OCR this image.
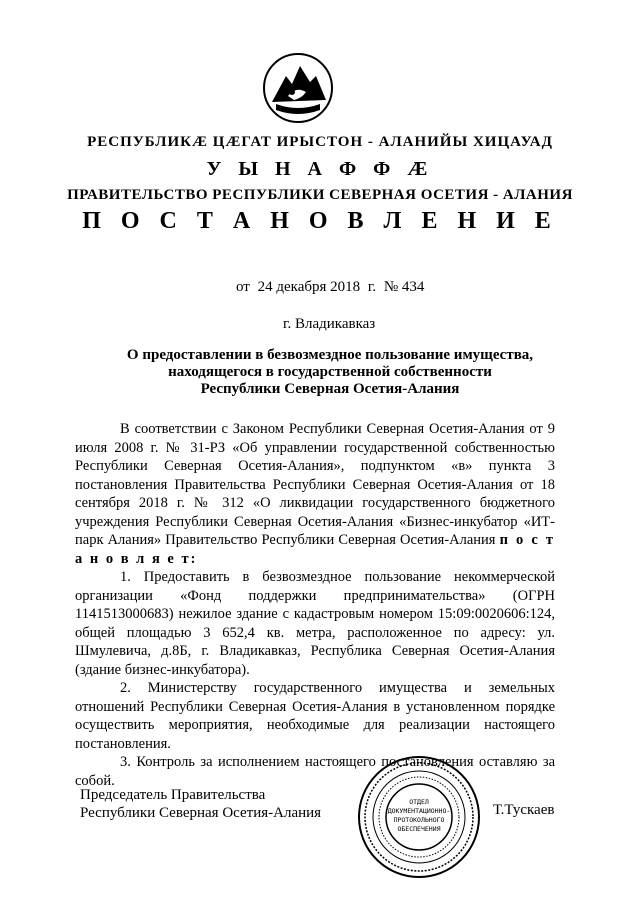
РЕСПУБЛИКӔ ЦӔГАТ ИРЫСТОН - АЛАНИЙЫ ХИЦАУАД
У Ы Н А Ф Ф Ӕ
ПРАВИТЕЛЬСТВО РЕСПУБЛИКИ СЕВЕРНАЯ ОСЕТИЯ - АЛАНИЯ
П О С Т А Н О В Л Е Н И Е
от 24 декабря 2018 г. № 434
г. Владикавказ
О предоставлении в безвозмездное пользование имущества,
находящегося в государственной собственности
Республики Северная Осетия-Алания

В соответствии с Законом Республики Северная Осетия-Алания от 9 июля 2008 г. № 31-РЗ «Об управлении государственной собственностью Республики Северная Осетия-Алания», подпунктом «в» пункта 3 постановления Правительства Республики Северная Осетия-Алания от 18 сентября 2018 г. № 312 «О ликвидации государственного бюджетного учреждения Республики Северная Осетия-Алания «Бизнес-инкубатор «ИТ-парк Алания» Правительство Республики Северная Осетия-Алания п о с т а н о в л я е т:

1. Предоставить в безвозмездное пользование некоммерческой организации «Фонд поддержки предпринимательства» (ОГРН 1141513000683) нежилое здание с кадастровым номером 15:09:0020606:124, общей площадью 3 652,4 кв. метра, расположенное по адресу: ул. Шмулевича, д.8Б, г. Владикавказ, Республика Северная Осетия-Алания (здание бизнес-инкубатора).

2. Министерству государственного имущества и земельных отношений Республики Северная Осетия-Алания в установленном порядке осуществить мероприятия, необходимые для реализации настоящего постановления.

3. Контроль за исполнением настоящего постановления оставляю за собой.

Председатель Правительства
Республики Северная Осетия-Алания
ОТДЕЛ
ДОКУМЕНТАЦИОННО-
ПРОТОКОЛЬНОГО
ОБЕСПЕЧЕНИЯ
Т.Тускаев
